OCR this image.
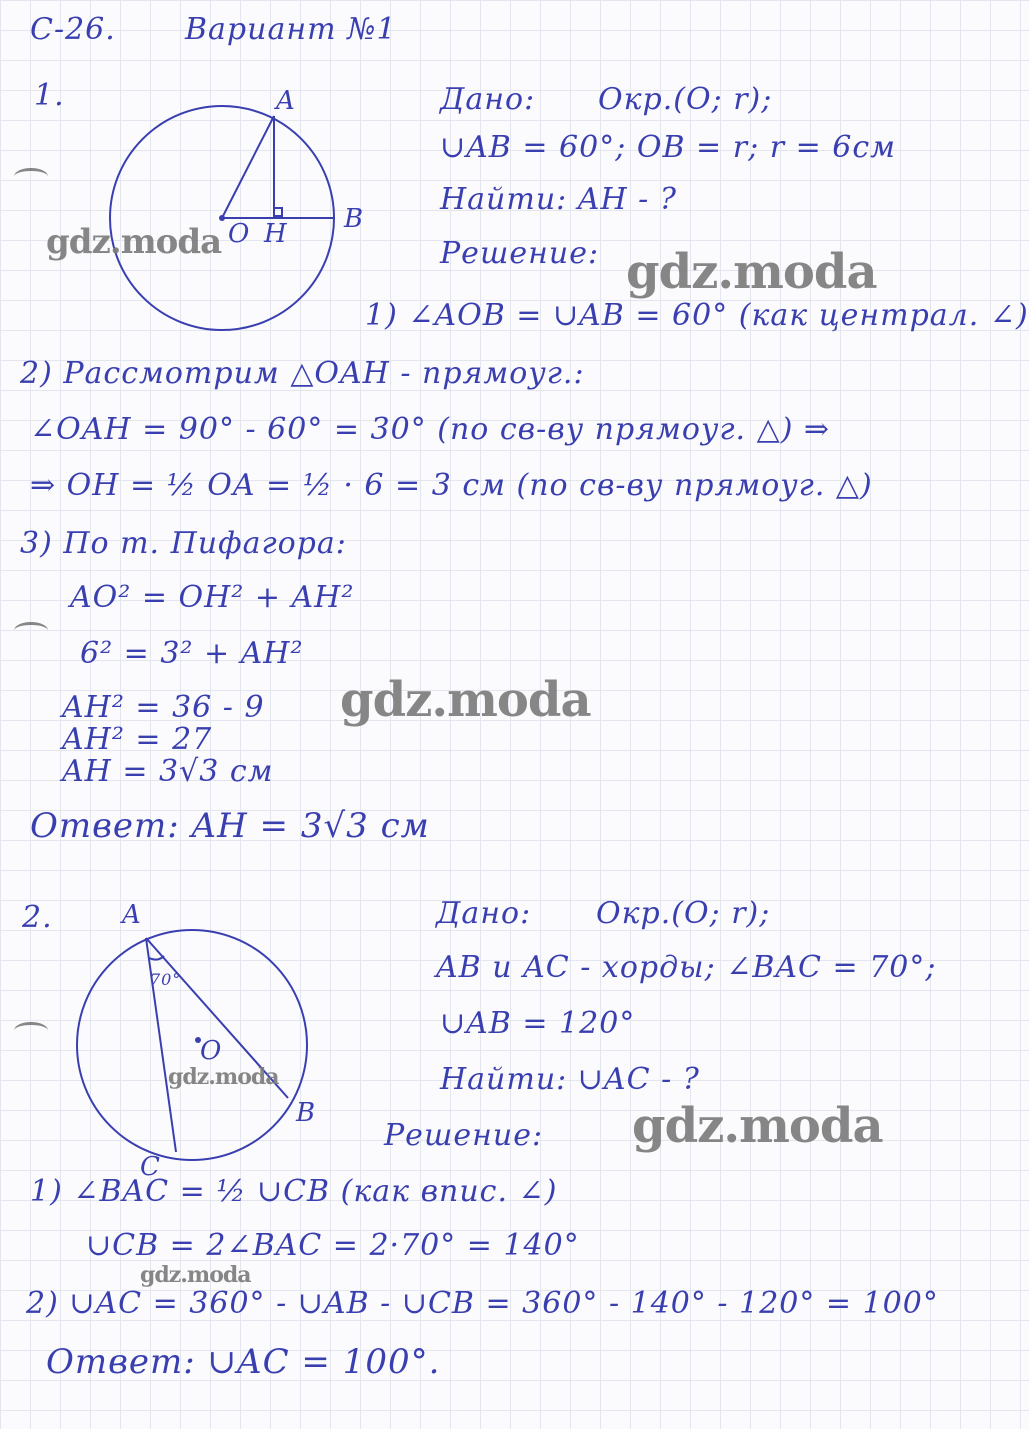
С-26. Вариант №1
1.	A
O H B
Дано: Окр.(O; r);
∪AB = 60°; OB = r; r = 6см
Найти: AH - ?
Решение:
1) ∠AOB = ∪AB = 60° (как централ. ∠)
2) Рассмотрим △OAH - прямоуг.:
∠OAH = 90° - 60° = 30° (по св-ву прямоуг. △) ⇒
⇒ OH = ½ OA = ½ · 6 = 3 см (по св-ву прямоуг. △)
3) По т. Пифагора:
AO² = OH² + AH²
6² = 3² + AH²
AH² = 36 - 9
AH² = 27
AH = 3√3 см
Ответ: AH = 3√3 см
2.	A
70°
O
B
C
Дано: Окр.(O; r);
AB и AC - хорды; ∠BAC = 70°;
∪AB = 120°
Найти: ∪AC - ?
Решение:
1) ∠BAC = ½ ∪CB (как впис. ∠)
∪CB = 2∠BAC = 2·70° = 140°
2) ∪AC = 360° - ∪AB - ∪CB = 360° - 140° - 120° = 100°
Ответ: ∪AC = 100°.
gdz.moda
gdz.moda
gdz.moda
gdz.moda
gdz.moda
gdz.moda
